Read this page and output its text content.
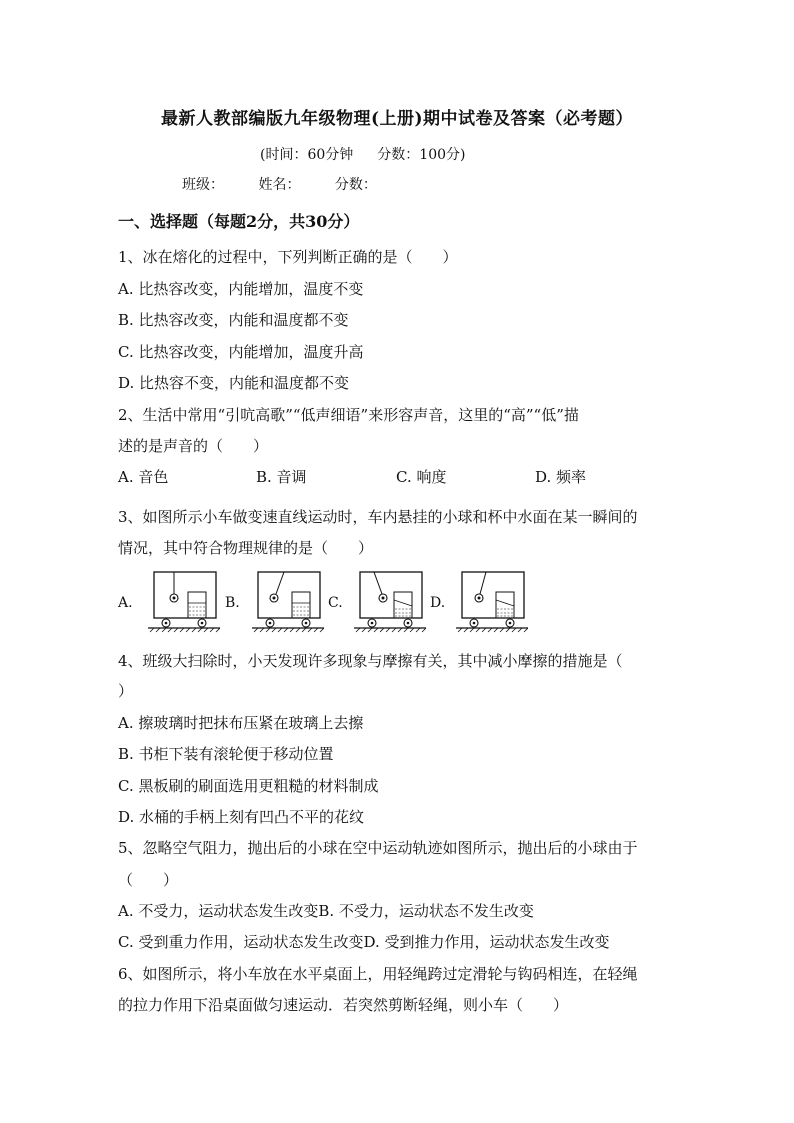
最新人教部编版九年级物理(上册)期中试卷及答案（必考题）
(时间：60分钟 分数：100分)
班级： 姓名： 分数：
一、选择题（每题2分，共30分）
1、冰在熔化的过程中，下列判断正确的是（　　）
A. 比热容改变，内能增加，温度不变
B. 比热容改变，内能和温度都不变
C. 比热容改变，内能增加，温度升高
D. 比热容不变，内能和温度都不变
2、生活中常用“引吭高歌”“低声细语”来形容声音，这里的“高”“低”描
述的是声音的（　　）
A. 音色	B. 音调	C. 响度	D. 频率
3、如图所示小车做变速直线运动时，车内悬挂的小球和杯中水面在某一瞬间的
情况，其中符合物理规律的是（　　）
A.	B.	C.	D.
4、班级大扫除时，小天发现许多现象与摩擦有关，其中减小摩擦的措施是（
）
A. 擦玻璃时把抹布压紧在玻璃上去擦
B. 书柜下装有滚轮便于移动位置
C. 黑板刷的刷面选用更粗糙的材料制成
D. 水桶的手柄上刻有凹凸不平的花纹
5、忽略空气阻力，抛出后的小球在空中运动轨迹如图所示，抛出后的小球由于
（　　）
A. 不受力，运动状态发生改变B. 不受力，运动状态不发生改变
C. 受到重力作用，运动状态发生改变D. 受到推力作用，运动状态发生改变
6、如图所示，将小车放在水平桌面上，用轻绳跨过定滑轮与钩码相连，在轻绳
的拉力作用下沿桌面做匀速运动．若突然剪断轻绳，则小车（　　）
